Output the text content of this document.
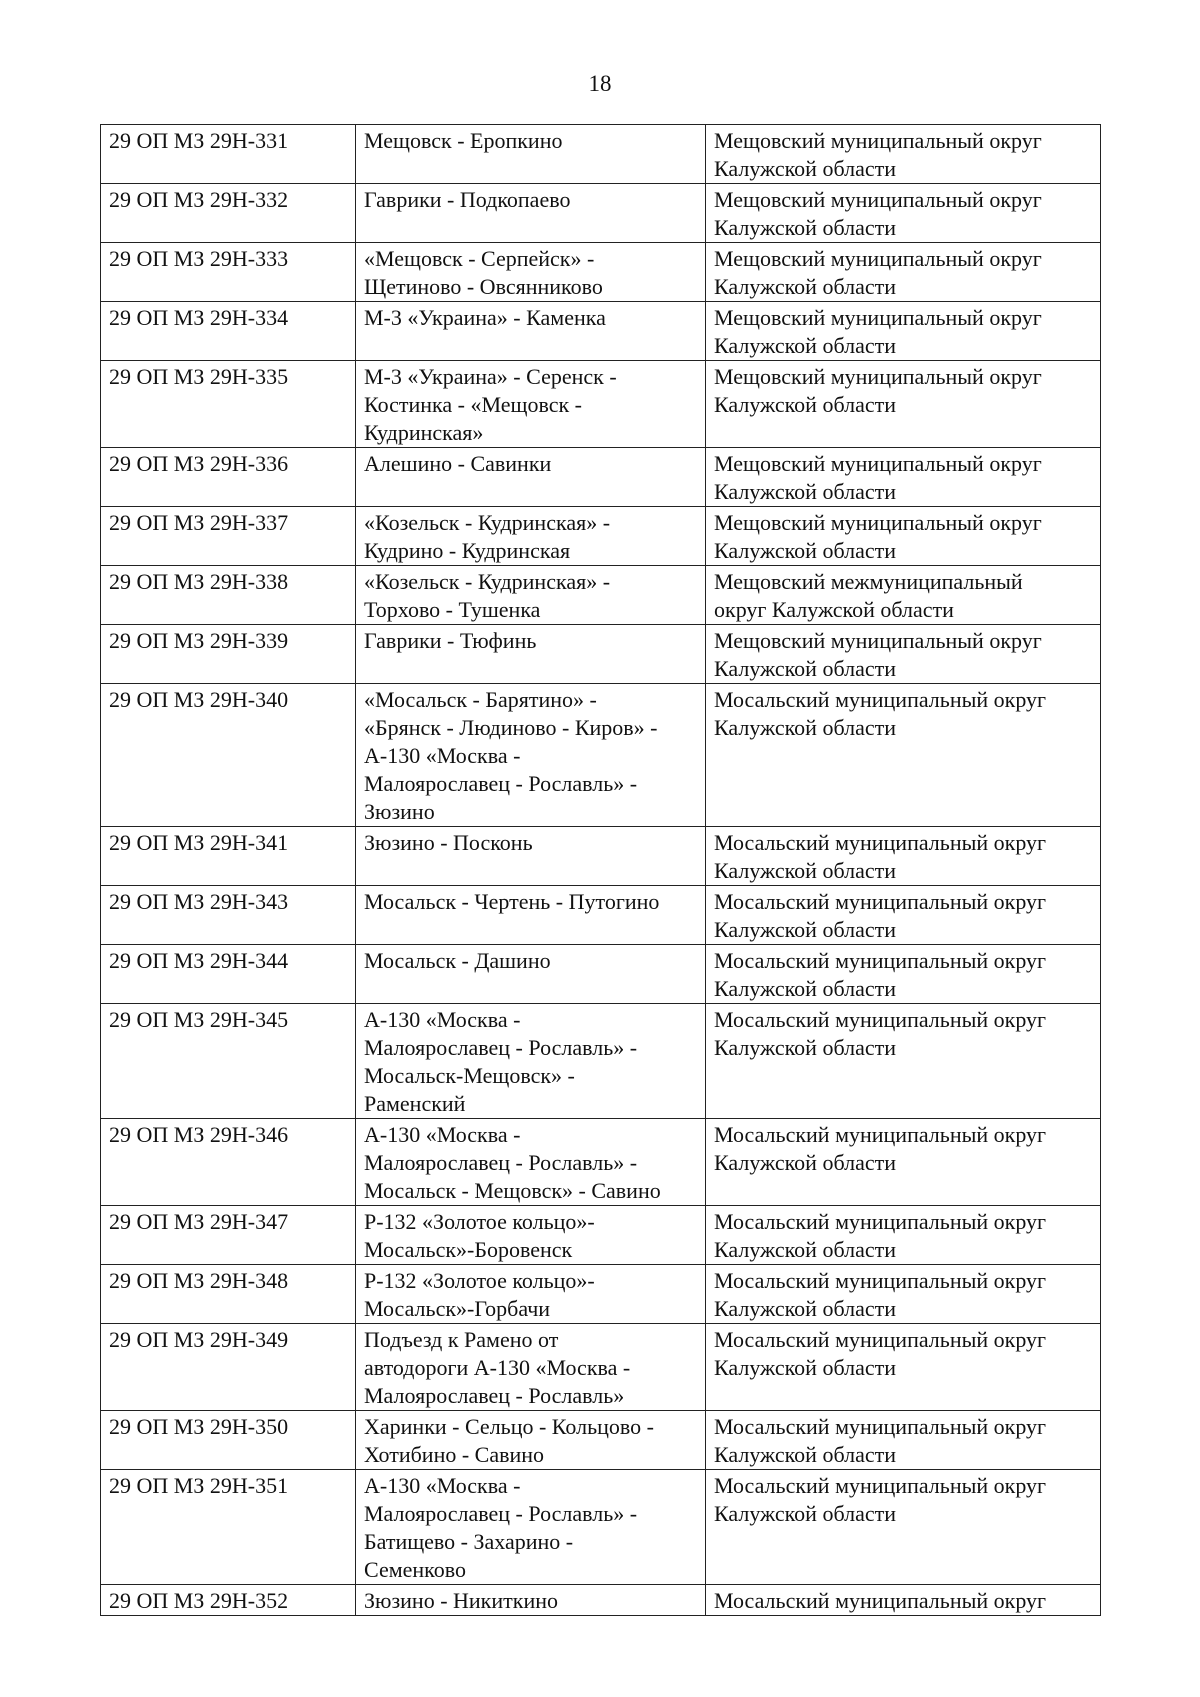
18
29 ОП МЗ 29Н-331	Мещовск - Еропкино	Мещовский муниципальный округ
Калужской области

29 ОП МЗ 29Н-332	Гаврики - Подкопаево	Мещовский муниципальный округ
Калужской области

29 ОП МЗ 29Н-333	«Мещовск - Серпейск» -
Щетиново - Овсянниково	Мещовский муниципальный округ
Калужской области

29 ОП МЗ 29Н-334	М-3 «Украина» - Каменка	Мещовский муниципальный округ
Калужской области

29 ОП МЗ 29Н-335	М-3 «Украина» - Серенск -
Костинка - «Мещовск -
Кудринская»	Мещовский муниципальный округ
Калужской области

29 ОП МЗ 29Н-336	Алешино - Савинки	Мещовский муниципальный округ
Калужской области

29 ОП МЗ 29Н-337	«Козельск - Кудринская» -
Кудрино - Кудринская	Мещовский муниципальный округ
Калужской области

29 ОП МЗ 29Н-338	«Козельск - Кудринская» -
Торхово - Тушенка	Мещовский межмуниципальный
округ Калужской области

29 ОП МЗ 29Н-339	Гаврики - Тюфинь	Мещовский муниципальный округ
Калужской области

29 ОП МЗ 29Н-340	«Мосальск - Барятино» -
«Брянск - Людиново - Киров» -
А-130 «Москва -
Малоярославец - Рославль» -
Зюзино	Мосальский муниципальный округ
Калужской области

29 ОП МЗ 29Н-341	Зюзино - Посконь	Мосальский муниципальный округ
Калужской области

29 ОП МЗ 29Н-343	Мосальск - Чертень - Путогино	Мосальский муниципальный округ
Калужской области

29 ОП МЗ 29Н-344	Мосальск - Дашино	Мосальский муниципальный округ
Калужской области

29 ОП МЗ 29Н-345	А-130 «Москва -
Малоярославец - Рославль» -
Мосальск-Мещовск» -
Раменский	Мосальский муниципальный округ
Калужской области

29 ОП МЗ 29Н-346	А-130 «Москва -
Малоярославец - Рославль» -
Мосальск - Мещовск» - Савино	Мосальский муниципальный округ
Калужской области

29 ОП МЗ 29Н-347	Р-132 «Золотое кольцо»-
Мосальск»-Боровенск	Мосальский муниципальный округ
Калужской области

29 ОП МЗ 29Н-348	Р-132 «Золотое кольцо»-
Мосальск»-Горбачи	Мосальский муниципальный округ
Калужской области

29 ОП МЗ 29Н-349	Подъезд к Рамено от
автодороги А-130 «Москва -
Малоярославец - Рославль»	Мосальский муниципальный округ
Калужской области

29 ОП МЗ 29Н-350	Харинки - Сельцо - Кольцово -
Хотибино - Савино	Мосальский муниципальный округ
Калужской области

29 ОП МЗ 29Н-351	А-130 «Москва -
Малоярославец - Рославль» -
Батищево - Захарино -
Семенково	Мосальский муниципальный округ
Калужской области

29 ОП МЗ 29Н-352	Зюзино - Никиткино	Мосальский муниципальный округ
